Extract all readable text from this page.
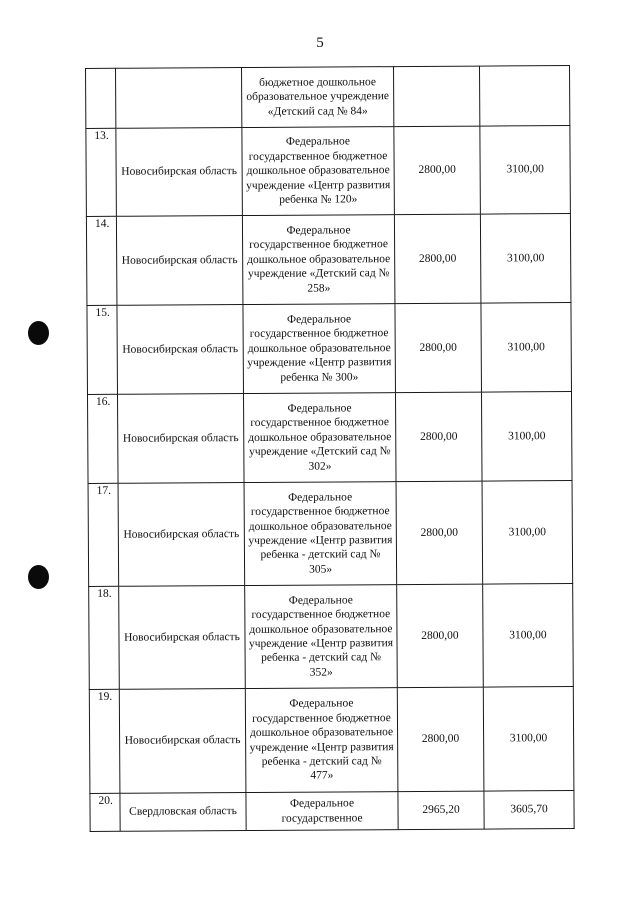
5
		бюджетное дошкольное образовательное учреждение «Детский сад № 84»		
13.	Новосибирская область	Федеральное государственное бюджетное дошкольное образовательное учреждение «Центр развития ребенка № 120»	2800,00	3100,00
14.	Новосибирская область	Федеральное государственное бюджетное дошкольное образовательное учреждение «Детский сад № 258»	2800,00	3100,00
15.	Новосибирская область	Федеральное государственное бюджетное дошкольное образовательное учреждение «Центр развития ребенка № 300»	2800,00	3100,00
16.	Новосибирская область	Федеральное государственное бюджетное дошкольное образовательное учреждение «Детский сад № 302»	2800,00	3100,00
17.	Новосибирская область	Федеральное государственное бюджетное дошкольное образовательное учреждение «Центр развития ребенка - детский сад № 305»	2800,00	3100,00
18.	Новосибирская область	Федеральное государственное бюджетное дошкольное образовательное учреждение «Центр развития ребенка - детский сад № 352»	2800,00	3100,00
19.	Новосибирская область	Федеральное государственное бюджетное дошкольное образовательное учреждение «Центр развития ребенка - детский сад № 477»	2800,00	3100,00
20.	Свердловская область	Федеральное государственное	2965,20	3605,70
